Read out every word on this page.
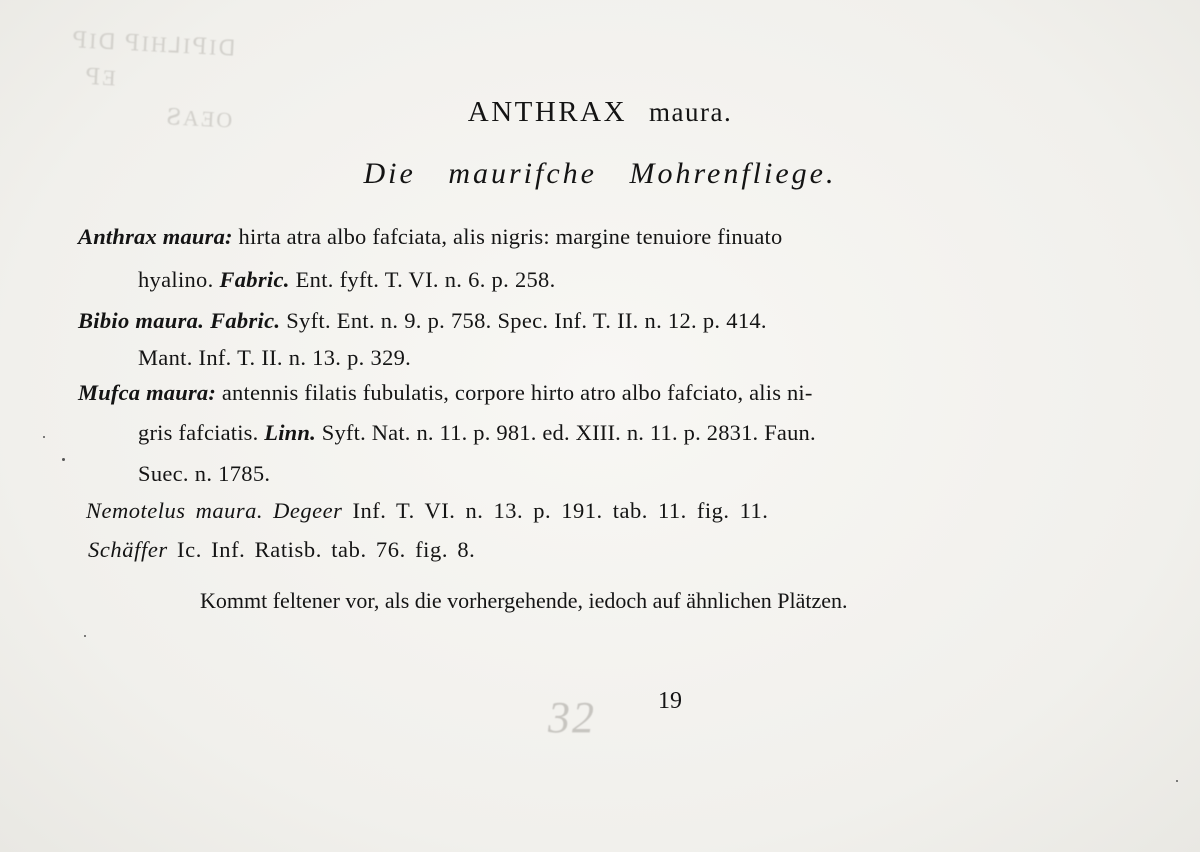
ꟼIᗡ ꟼIH⅃IꟼIᗡ
ꟼƎ
ꙄAƎO	ANTHRAX maura.
Die maurifche Mohrenfliege.
Anthrax maura: hirta atra albo fafciata, alis nigris: margine tenuiore finuato
hyalino. Fabric. Ent. fyft. T. VI. n. 6. p. 258.
Bibio maura. Fabric. Syft. Ent. n. 9. p. 758. Spec. Inf. T. II. n. 12. p. 414.
Mant. Inf. T. II. n. 13. p. 329.
Mufca maura: antennis filatis fubulatis, corpore hirto atro albo fafciato, alis ni-
gris fafciatis. Linn. Syft. Nat. n. 11. p. 981. ed. XIII. n. 11. p. 2831. Faun.
Suec. n. 1785.
Nemotelus maura. Degeer Inf. T. VI. n. 13. p. 191. tab. 11. fig. 11.
Schäffer Ic. Inf. Ratisb. tab. 76. fig. 8.
Kommt feltener vor, als die vorhergehende, iedoch auf ähnlichen Plätzen.
32	19
